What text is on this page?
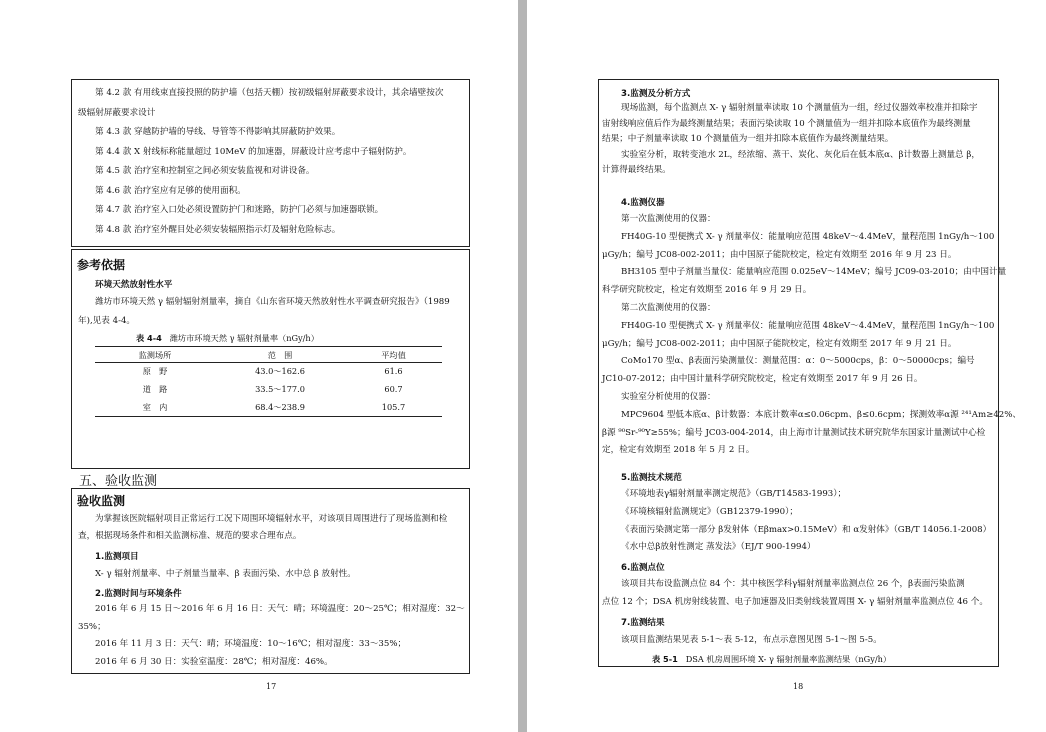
参考依据
环境天然放射性水平
表 4-4 潍坊市环境天然 γ 辐射剂量率（nGy/h）
监测场所	范　围	平均值
原　野	43.0～162.6	61.6
道　路	33.5～177.0	60.7
室　内	68.4～238.9	105.7
五、验收监测
验收监测
1.监测项目

X- γ 辐射剂量率、中子剂量当量率、β 表面污染、水中总 β 放射性。

2.监测时间与环境条件
17

第 4.2 款 有用线束直接投照的防护墙（包括天棚）按初级辐射屏蔽要求设计，其余墙壁按次

级辐射屏蔽要求设计

第 4.3 款 穿越防护墙的导线、导管等不得影响其屏蔽防护效果。

第 4.4 款 X 射线标称能量超过 10MeV 的加速器，屏蔽设计应考虑中子辐射防护。

第 4.5 款 治疗室和控制室之间必须安装监视和对讲设备。

第 4.6 款 治疗室应有足够的使用面积。

第 4.7 款 治疗室入口处必须设置防护门和迷路，防护门必须与加速器联锁。

第 4.8 款 治疗室外醒目处必须安装辐照指示灯及辐射危险标志。

潍坊市环境天然 γ 辐射辐射剂量率，摘自《山东省环境天然放射性水平调查研究报告》（1989

年),见表 4-4。

为掌握该医院辐射项目正常运行工况下周围环境辐射水平，对该项目周围进行了现场监测和检

查，根据现场条件和相关监测标准、规范的要求合理布点。

2016 年 6 月 15 日～2016 年 6 月 16 日：天气：晴；环境温度：20～25℃；相对湿度：32～

35%；

2016 年 11 月 3 日：天气：晴；环境温度：10～16℃；相对湿度：33～35%；

2016 年 6 月 30 日：实验室温度：28℃；相对湿度：46%。

3.监测及分析方式
4.监测仪器
5.监测技术规范
6.监测点位
7.监测结果

该项目监测结果见表 5-1～表 5-12，布点示意图见图 5-1～图 5-5。

表 5-1 DSA 机房周围环境 X- γ 辐射剂量率监测结果（nGy/h）
18

现场监测，每个监测点 X- γ 辐射剂量率读取 10 个测量值为一组，经过仪器效率校准并扣除宇

宙射线响应值后作为最终测量结果；表面污染读取 10 个测量值为一组并扣除本底值作为最终测量

结果；中子剂量率读取 10 个测量值为一组并扣除本底值作为最终测量结果。

实验室分析，取转变池水 2L，经浓缩、蒸干、炭化、灰化后在低本底α、β计数器上测量总 β，

计算得最终结果。

第一次监测使用的仪器：

FH40G-10 型便携式 X- γ 剂量率仪：能量响应范围 48keV～4.4MeV，量程范围 1nGy/h～100

μGy/h；编号 JC08-002-2011；由中国原子能院校定，检定有效期至 2016 年 9 月 23 日。

BH3105 型中子剂量当量仪：能量响应范围 0.025eV～14MeV；编号 JC09-03-2010；由中国计量

科学研究院校定，检定有效期至 2016 年 9 月 29 日。

第二次监测使用的仪器：

FH40G-10 型便携式 X- γ 剂量率仪：能量响应范围 48keV～4.4MeV，量程范围 1nGy/h～100

μGy/h；编号 JC08-002-2011；由中国原子能院校定，检定有效期至 2017 年 9 月 21 日。

CoMo170 型α、β表面污染测量仪：测量范围：α：0～5000cps，β：0～50000cps；编号

JC10-07-2012；由中国计量科学研究院校定，检定有效期至 2017 年 9 月 26 日。

实验室分析使用的仪器：

MPC9604 型低本底α、β计数器：本底计数率α≤0.06cpm、β≤0.6cpm；探测效率α源 ²⁴¹Am≥42%、

β源 ⁹⁰Sr-⁹⁰Y≥55%；编号 JC03-004-2014，由上海市计量测试技术研究院华东国家计量测试中心检

定，检定有效期至 2018 年 5 月 2 日。

《环境地表γ辐射剂量率测定规范》（GB/T14583-1993）；

《环境核辐射监测规定》（GB12379-1990）；

《表面污染测定第一部分 β发射体（Eβmax>0.15MeV）和 α发射体》（GB/T 14056.1-2008）

《水中总β放射性测定 蒸发法》（EJ/T 900-1994）

该项目共布设监测点位 84 个：其中核医学科γ辐射剂量率监测点位 26 个，β表面污染监测

点位 12 个；DSA 机房射线装置、电子加速器及旧类射线装置周围 X- γ 辐射剂量率监测点位 46 个。
